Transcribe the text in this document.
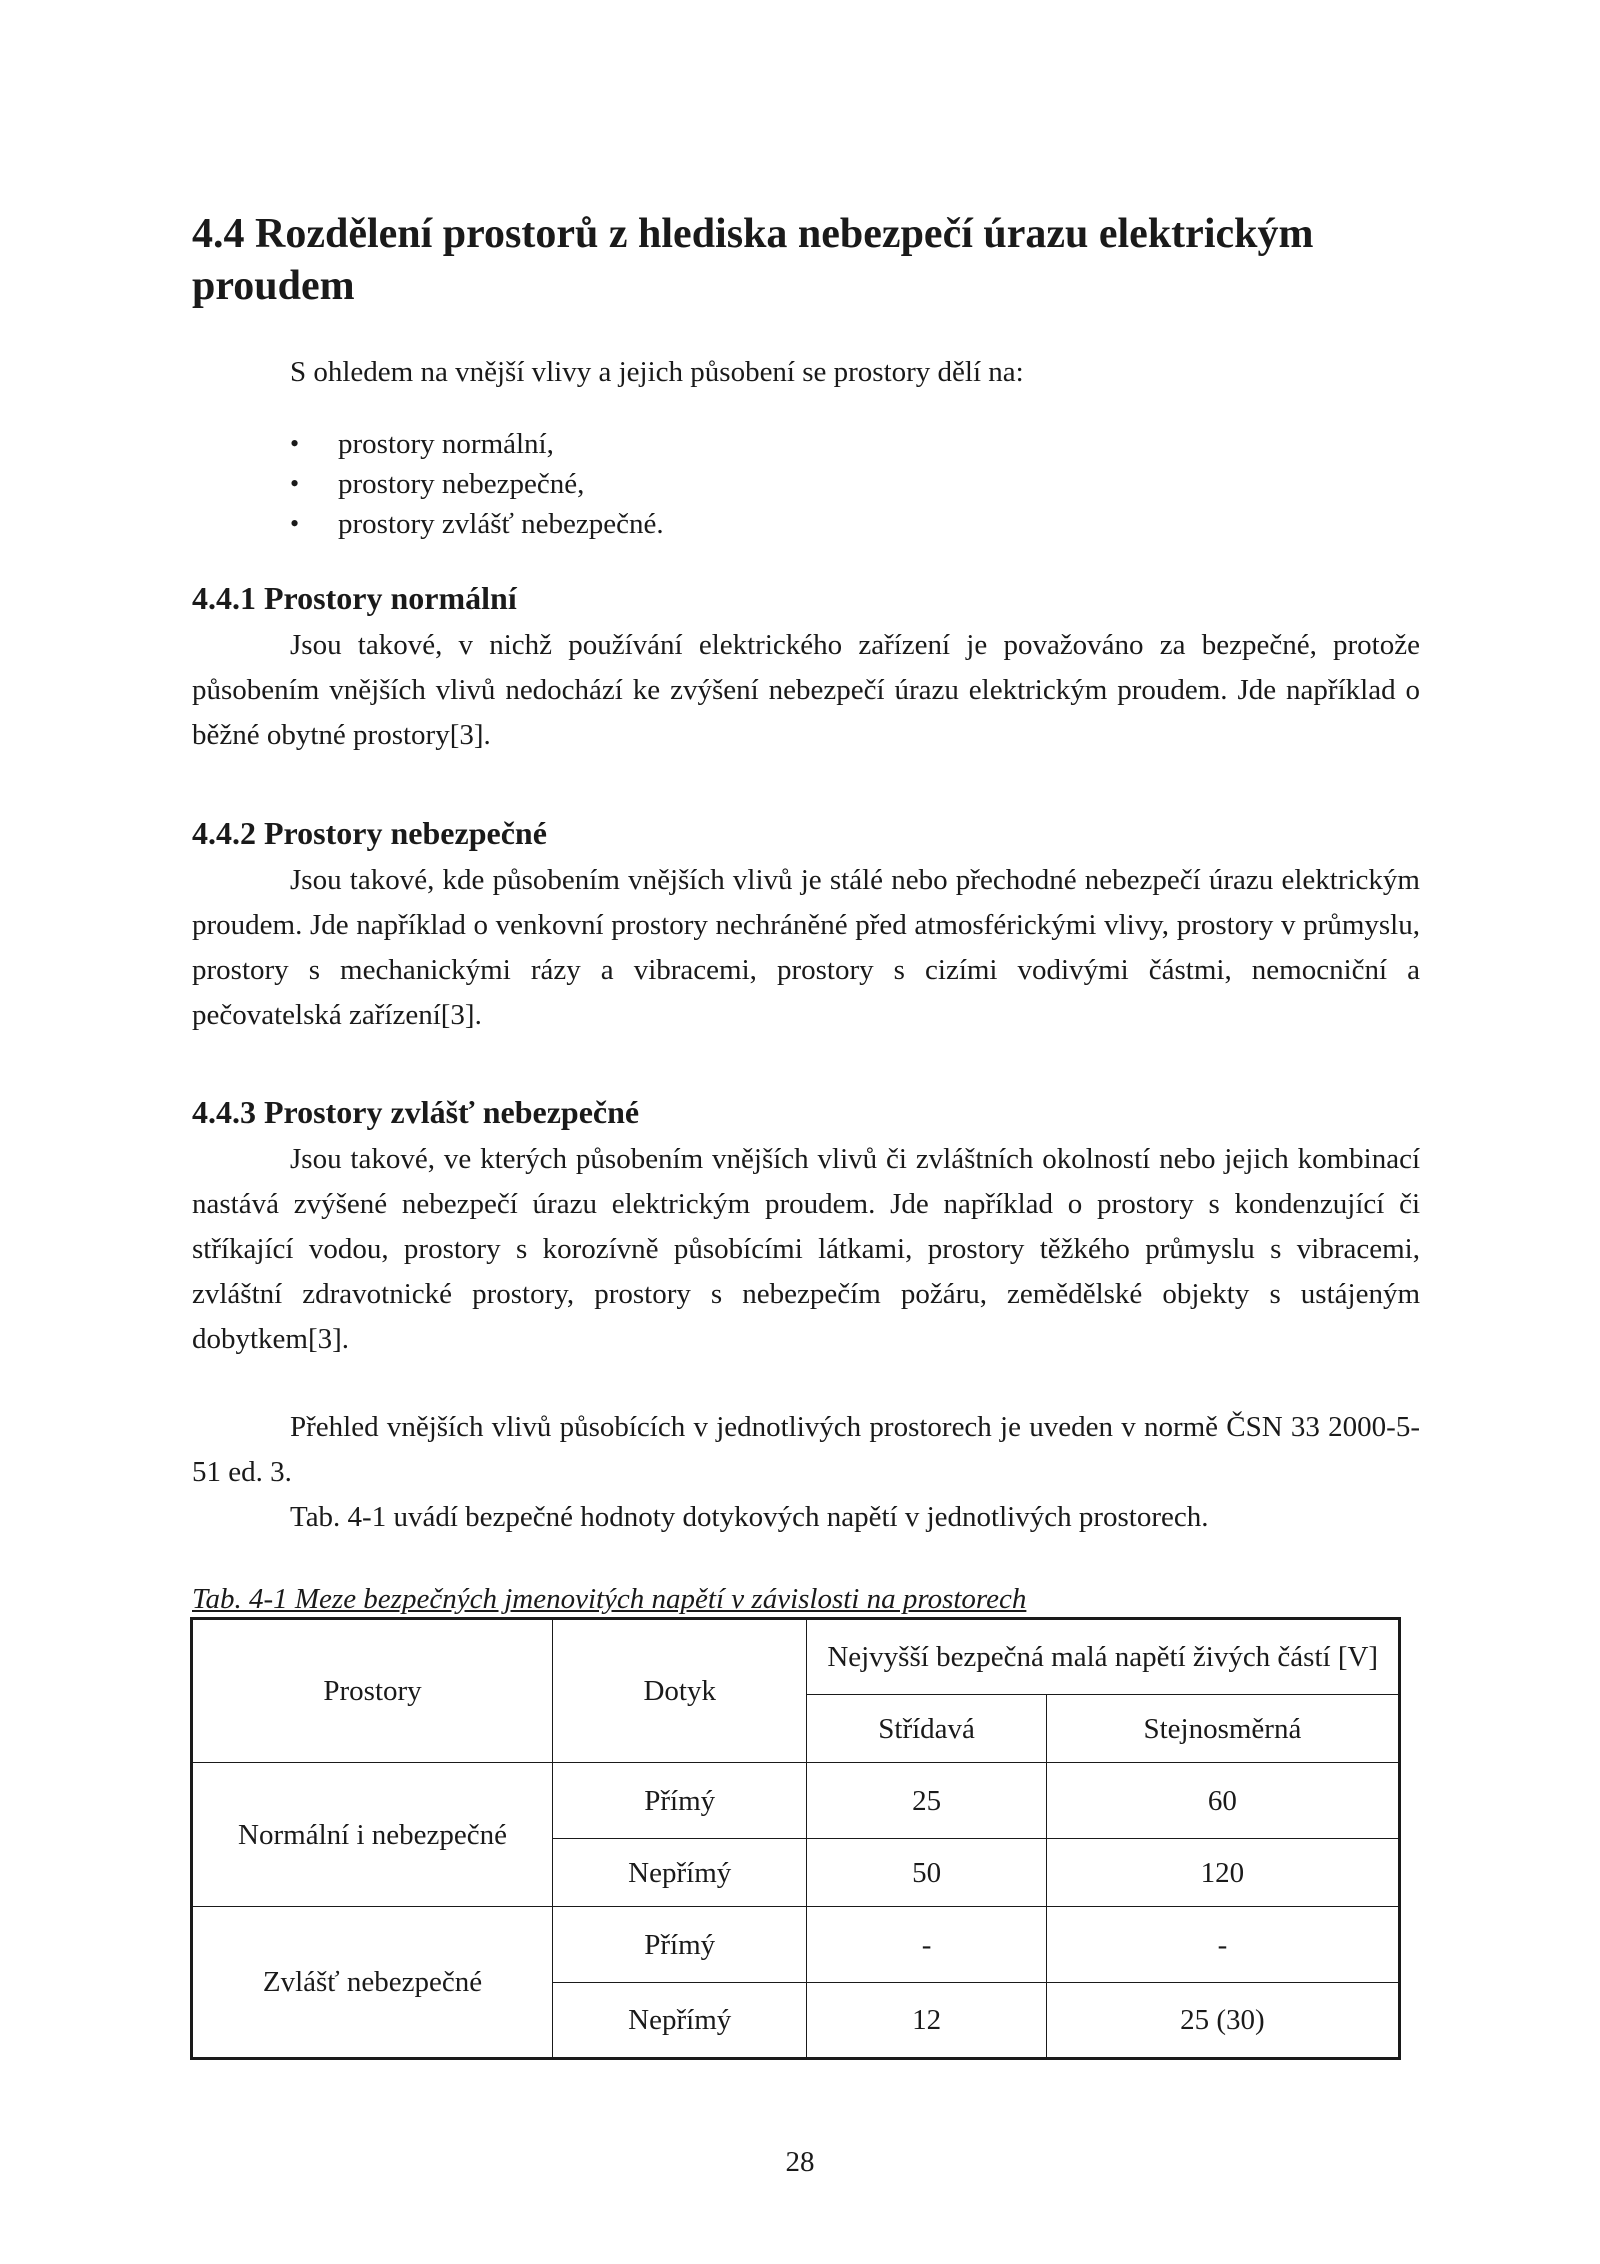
4.4 Rozdělení prostorů z hlediska nebezpečí úrazu elektrickým proudem

S ohledem na vnější vlivy a jejich působení se prostory dělí na:

• prostory normální,
• prostory nebezpečné,
• prostory zvlášť nebezpečné.
4.4.1 Prostory normální

Jsou takové, v nichž používání elektrického zařízení je považováno za bezpečné, protože působením vnějších vlivů nedochází ke zvýšení nebezpečí úrazu elektrickým proudem. Jde například o běžné obytné prostory[3].

4.4.2 Prostory nebezpečné

Jsou takové, kde působením vnějších vlivů je stálé nebo přechodné nebezpečí úrazu elektrickým proudem. Jde například o venkovní prostory nechráněné před atmosférickými vlivy, prostory v průmyslu, prostory s mechanickými rázy a vibracemi, prostory s cizími vodivými částmi, nemocniční a pečovatelská zařízení[3].

4.4.3 Prostory zvlášť nebezpečné

Jsou takové, ve kterých působením vnějších vlivů či zvláštních okolností nebo jejich kombinací nastává zvýšené nebezpečí úrazu elektrickým proudem. Jde například o prostory s kondenzující či stříkající vodou, prostory s korozívně působícími látkami, prostory těžkého průmyslu s vibracemi, zvláštní zdravotnické prostory, prostory s nebezpečím požáru, zemědělské objekty s ustájeným dobytkem[3].

Přehled vnějších vlivů působících v jednotlivých prostorech je uveden v normě ČSN 33 2000-5-51 ed. 3.

Tab. 4-1 uvádí bezpečné hodnoty dotykových napětí v jednotlivých prostorech.

Tab. 4-1 Meze bezpečných jmenovitých napětí v závislosti na prostorech

Prostory	Dotyk	Nejvyšší bezpečná malá napětí živých částí [V]	
		Střídavá	Stejnosměrná
Normální i nebezpečné	Přímý	25	60
	Nepřímý	50	120
Zvlášť nebezpečné	Přímý	-	-
	Nepřímý	12	25 (30)

28
